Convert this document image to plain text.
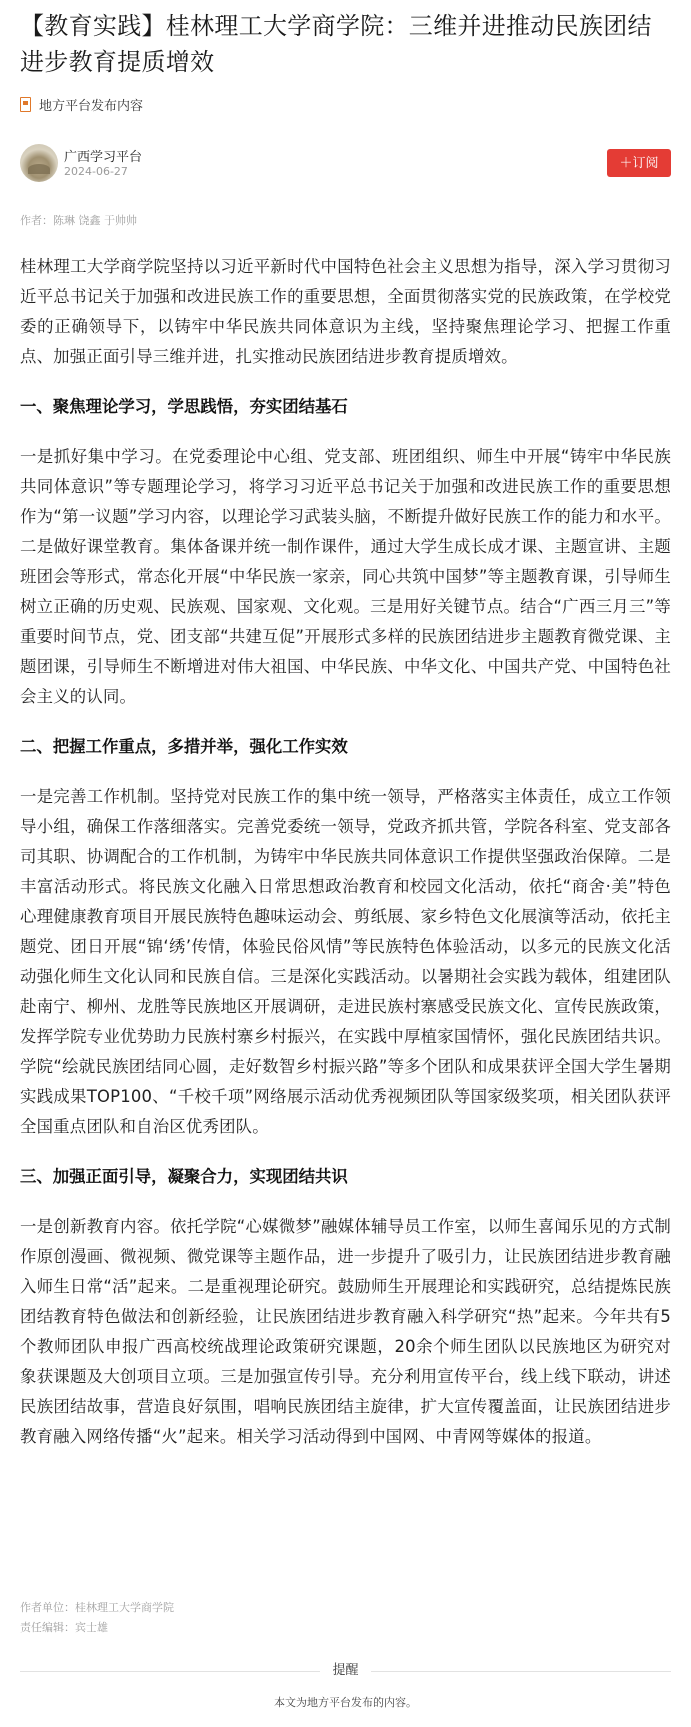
【教育实践】桂林理工大学商学院：三维并进推动民族团结进步教育提质增效
地方平台发布内容
广西学习平台
2024-06-27
＋订阅
作者：陈琳 饶鑫 于帅帅

桂林理工大学商学院坚持以习近平新时代中国特色社会主义思想为指导，深入学习贯彻习近平总书记关于加强和改进民族工作的重要思想，全面贯彻落实党的民族政策，在学校党委的正确领导下，以铸牢中华民族共同体意识为主线，坚持聚焦理论学习、把握工作重点、加强正面引导三维并进，扎实推动民族团结进步教育提质增效。

一、聚焦理论学习，学思践悟，夯实团结基石

一是抓好集中学习。在党委理论中心组、党支部、班团组织、师生中开展“铸牢中华民族共同体意识”等专题理论学习，将学习习近平总书记关于加强和改进民族工作的重要思想作为“第一议题”学习内容，以理论学习武装头脑，不断提升做好民族工作的能力和水平。二是做好课堂教育。集体备课并统一制作课件，通过大学生成长成才课、主题宣讲、主题班团会等形式，常态化开展“中华民族一家亲，同心共筑中国梦”等主题教育课，引导师生树立正确的历史观、民族观、国家观、文化观。三是用好关键节点。结合“广西三月三”等重要时间节点，党、团支部“共建互促”开展形式多样的民族团结进步主题教育微党课、主题团课，引导师生不断增进对伟大祖国、中华民族、中华文化、中国共产党、中国特色社会主义的认同。

二、把握工作重点，多措并举，强化工作实效

一是完善工作机制。坚持党对民族工作的集中统一领导，严格落实主体责任，成立工作领导小组，确保工作落细落实。完善党委统一领导，党政齐抓共管，学院各科室、党支部各司其职、协调配合的工作机制，为铸牢中华民族共同体意识工作提供坚强政治保障。二是丰富活动形式。将民族文化融入日常思想政治教育和校园文化活动，依托“商舍·美”特色心理健康教育项目开展民族特色趣味运动会、剪纸展、家乡特色文化展演等活动，依托主题党、团日开展“锦‘绣’传情，体验民俗风情”等民族特色体验活动，以多元的民族文化活动强化师生文化认同和民族自信。三是深化实践活动。以暑期社会实践为载体，组建团队赴南宁、柳州、龙胜等民族地区开展调研，走进民族村寨感受民族文化、宣传民族政策，发挥学院专业优势助力民族村寨乡村振兴，在实践中厚植家国情怀，强化民族团结共识。学院“绘就民族团结同心圆，走好数智乡村振兴路”等多个团队和成果获评全国大学生暑期实践成果TOP100、“千校千项”网络展示活动优秀视频团队等国家级奖项，相关团队获评全国重点团队和自治区优秀团队。

三、加强正面引导，凝聚合力，实现团结共识

一是创新教育内容。依托学院“心媒微梦”融媒体辅导员工作室，以师生喜闻乐见的方式制作原创漫画、微视频、微党课等主题作品，进一步提升了吸引力，让民族团结进步教育融入师生日常“活”起来。二是重视理论研究。鼓励师生开展理论和实践研究，总结提炼民族团结教育特色做法和创新经验，让民族团结进步教育融入科学研究“热”起来。今年共有5个教师团队申报广西高校统战理论政策研究课题，20余个师生团队以民族地区为研究对象获课题及大创项目立项。三是加强宣传引导。充分利用宣传平台，线上线下联动，讲述民族团结故事，营造良好氛围，唱响民族团结主旋律，扩大宣传覆盖面，让民族团结进步教育融入网络传播“火”起来。相关学习活动得到中国网、中青网等媒体的报道。

作者单位：桂林理工大学商学院
责任编辑：宾士雄
提醒
本文为地方平台发布的内容。
